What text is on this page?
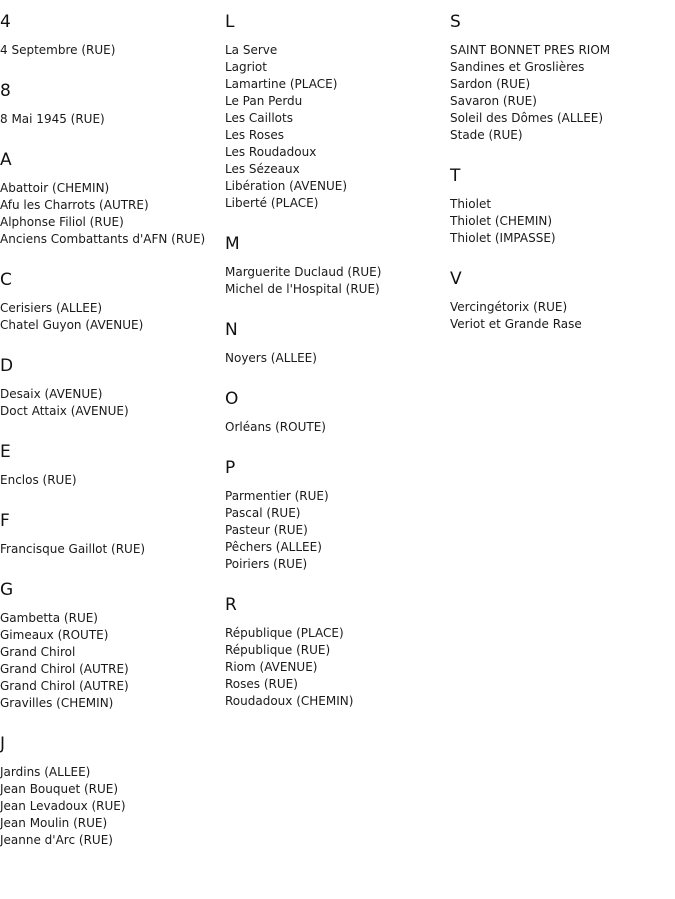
4
4 Septembre (RUE)
8
8 Mai 1945 (RUE)
A
Abattoir (CHEMIN)
Afu les Charrots (AUTRE)
Alphonse Filiol (RUE)
Anciens Combattants d'AFN (RUE)
C
Cerisiers (ALLEE)
Chatel Guyon (AVENUE)
D
Desaix (AVENUE)
Doct Attaix (AVENUE)
E
Enclos (RUE)
F
Francisque Gaillot (RUE)
G
Gambetta (RUE)
Gimeaux (ROUTE)
Grand Chirol
Grand Chirol (AUTRE)
Grand Chirol (AUTRE)
Gravilles (CHEMIN)
J
Jardins (ALLEE)
Jean Bouquet (RUE)
Jean Levadoux (RUE)
Jean Moulin (RUE)
Jeanne d'Arc (RUE)
L
La Serve
Lagriot
Lamartine (PLACE)
Le Pan Perdu
Les Caillots
Les Roses
Les Roudadoux
Les Sézeaux
Libération (AVENUE)
Liberté (PLACE)
M
Marguerite Duclaud (RUE)
Michel de l'Hospital (RUE)
N
Noyers (ALLEE)
O
Orléans (ROUTE)
P
Parmentier (RUE)
Pascal (RUE)
Pasteur (RUE)
Pêchers (ALLEE)
Poiriers (RUE)
R
République (PLACE)
République (RUE)
Riom (AVENUE)
Roses (RUE)
Roudadoux (CHEMIN)
S
SAINT BONNET PRES RIOM
Sandines et Groslières
Sardon (RUE)
Savaron (RUE)
Soleil des Dômes (ALLEE)
Stade (RUE)
T
Thiolet
Thiolet (CHEMIN)
Thiolet (IMPASSE)
V
Vercingétorix (RUE)
Veriot et Grande Rase
